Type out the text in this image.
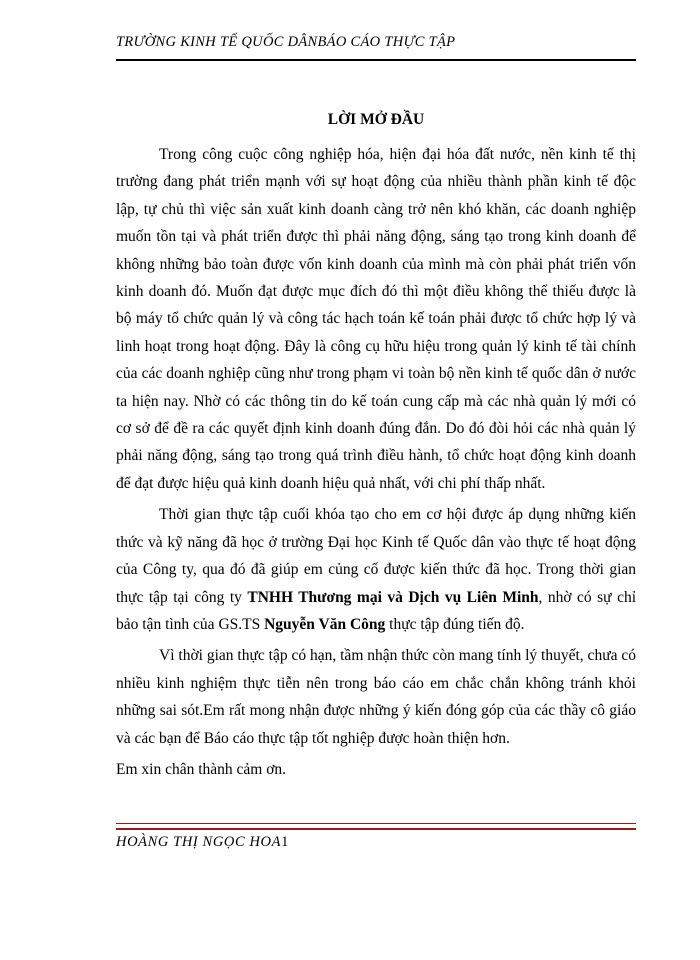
TRƯỜNG KINH TẾ QUỐC DÂNBÁO CÁO THỰC TẬP
LỜI MỞ ĐẦU

Trong công cuộc công nghiệp hóa, hiện đại hóa đất nước, nền kinh tế thị trường đang phát triển mạnh với sự hoạt động của nhiều thành phần kinh tế độc lập, tự chủ thì việc sản xuất kinh doanh càng trở nên khó khăn, các doanh nghiệp muốn tồn tại và phát triển được thì phải năng động, sáng tạo trong kinh doanh để không những bảo toàn được vốn kinh doanh của mình mà còn phải phát triển vốn kinh doanh đó. Muốn đạt được mục đích đó thì một điều không thể thiếu được là bộ máy tổ chức quản lý và công tác hạch toán kế toán phải được tổ chức hợp lý và linh hoạt trong hoạt động. Đây là công cụ hữu hiệu trong quản lý kinh tế tài chính của các doanh nghiệp cũng như trong phạm vi toàn bộ nền kinh tế quốc dân ở nước ta hiện nay. Nhờ có các thông tin do kế toán cung cấp mà các nhà quản lý mới có cơ sở để đề ra các quyết định kinh doanh đúng đắn. Do đó đòi hỏi các nhà quản lý phải năng động, sáng tạo trong quá trình điều hành, tổ chức hoạt động kinh doanh để đạt được hiệu quả kinh doanh hiệu quả nhất, với chi phí thấp nhất.

Thời gian thực tập cuối khóa tạo cho em cơ hội được áp dụng những kiến thức và kỹ năng đã học ở trường Đại học Kinh tế Quốc dân vào thực tế hoạt động của Công ty, qua đó đã giúp em củng cố được kiến thức đã học. Trong thời gian thực tập tại công ty TNHH Thương mại và Dịch vụ Liên Minh, nhờ có sự chỉ bảo tận tình của GS.TS Nguyễn Văn Công thực tập đúng tiến độ.

Vì thời gian thực tập có hạn, tầm nhận thức còn mang tính lý thuyết, chưa có nhiều kinh nghiệm thực tiễn nên trong báo cáo em chắc chắn không tránh khỏi những sai sót.Em rất mong nhận được những ý kiến đóng góp của các thầy cô giáo và các bạn để Báo cáo thực tập tốt nghiệp được hoàn thiện hơn.

Em xin chân thành cảm ơn.

HOÀNG THỊ NGỌC HOA1
